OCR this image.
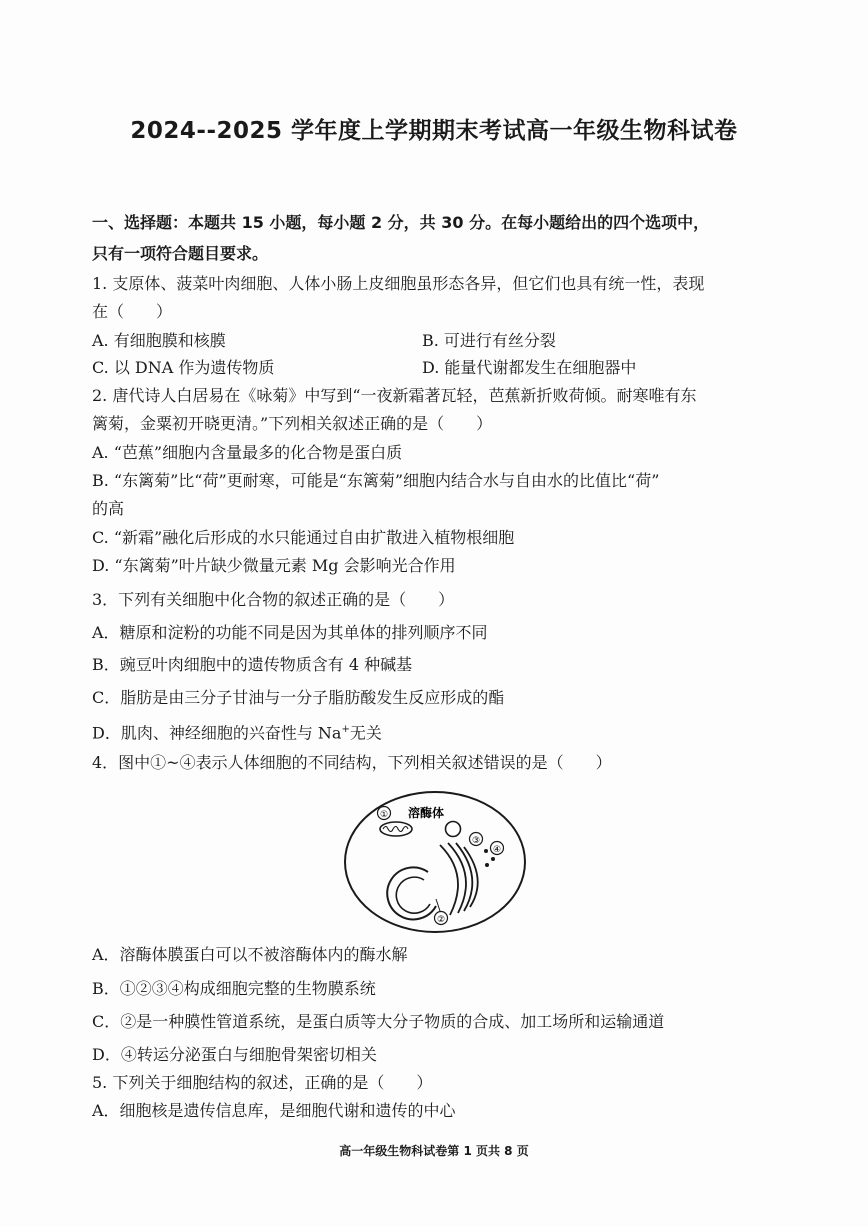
2024--2025 学年度上学期期末考试高一年级生物科试卷
一、选择题：本题共 15 小题，每小题 2 分，共 30 分。在每小题给出的四个选项中，
只有一项符合题目要求。
1. 支原体、菠菜叶肉细胞、人体小肠上皮细胞虽形态各异，但它们也具有统一性，表现
在（　　）
A. 有细胞膜和核膜	B. 可进行有丝分裂
C. 以 DNA 作为遗传物质	D. 能量代谢都发生在细胞器中
2. 唐代诗人白居易在《咏菊》中写到“一夜新霜著瓦轻，芭蕉新折败荷倾。耐寒唯有东
篱菊，金粟初开晓更清。”下列相关叙述正确的是（　　）
A. “芭蕉”细胞内含量最多的化合物是蛋白质
B. “东篱菊”比“荷”更耐寒，可能是“东篱菊”细胞内结合水与自由水的比值比“荷”
的高
C. “新霜”融化后形成的水只能通过自由扩散进入植物根细胞
D. “东篱菊”叶片缺少微量元素 Mg 会影响光合作用
3．下列有关细胞中化合物的叙述正确的是（　　）
A．糖原和淀粉的功能不同是因为其单体的排列顺序不同
B．豌豆叶肉细胞中的遗传物质含有 4 种碱基
C．脂肪是由三分子甘油与一分子脂肪酸发生反应形成的酯
D．肌肉、神经细胞的兴奋性与 Na+无关
4．图中①~④表示人体细胞的不同结构，下列相关叙述错误的是（　　）
① 溶酶体
③
④
②
A．溶酶体膜蛋白可以不被溶酶体内的酶水解
B．①②③④构成细胞完整的生物膜系统
C．②是一种膜性管道系统，是蛋白质等大分子物质的合成、加工场所和运输通道
D．④转运分泌蛋白与细胞骨架密切相关
5. 下列关于细胞结构的叙述，正确的是（　　）
A．细胞核是遗传信息库，是细胞代谢和遗传的中心
高一年级生物科试卷第 1 页共 8 页
